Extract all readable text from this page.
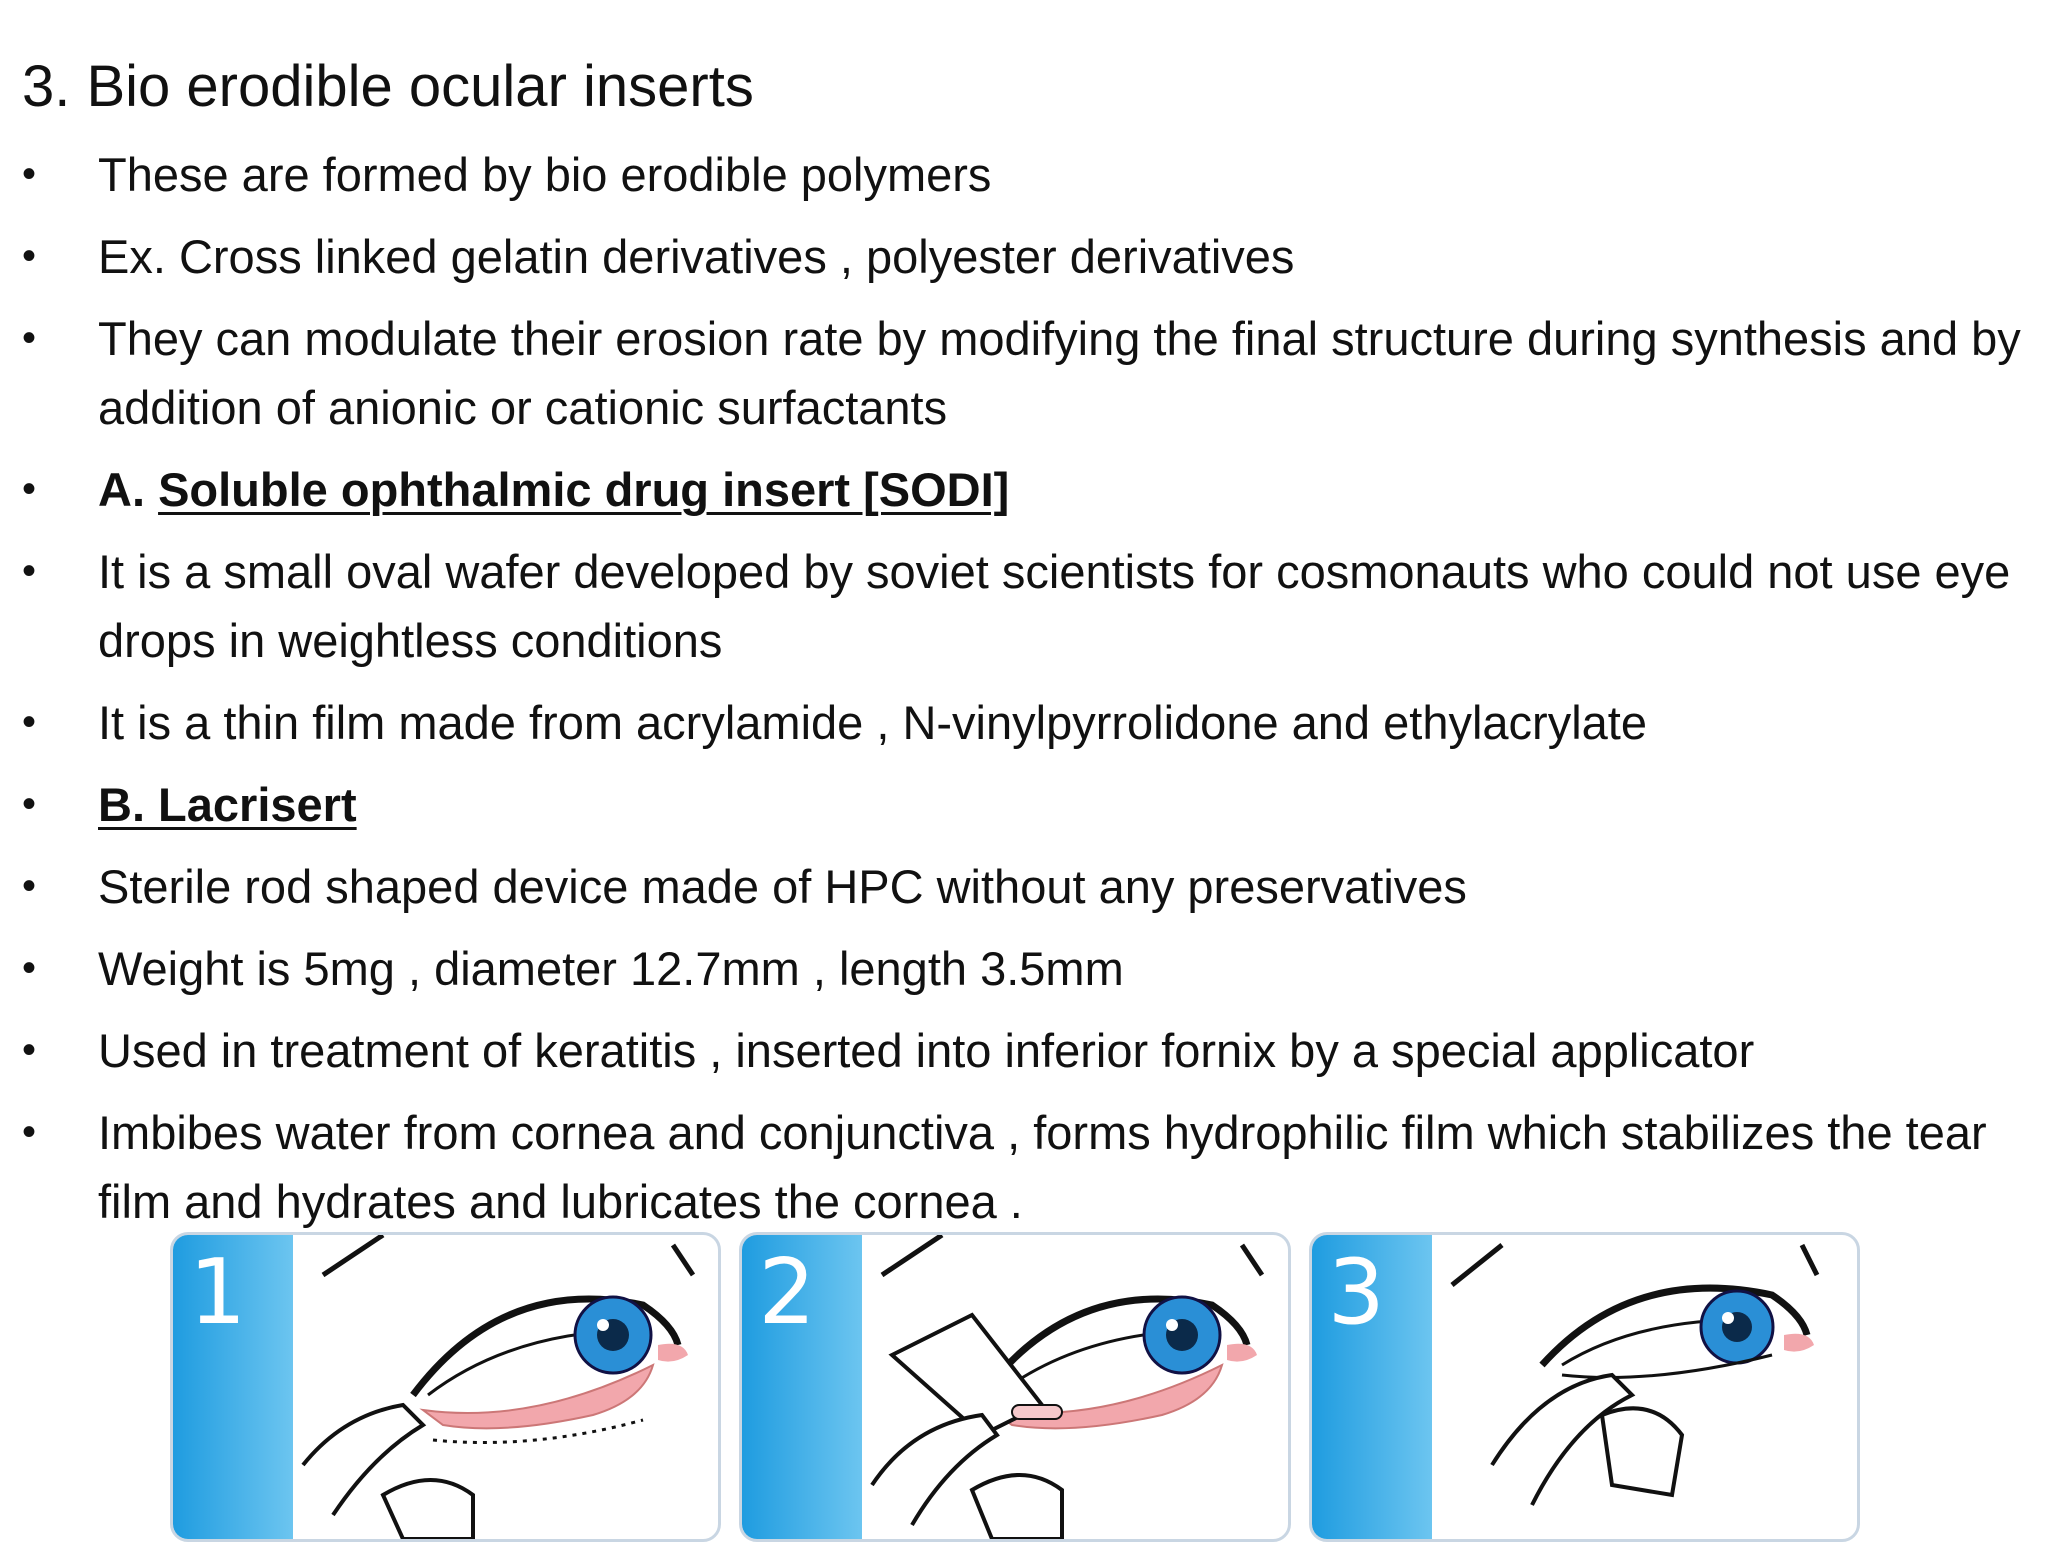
3. Bio erodible ocular inserts
• These are formed by bio erodible polymers
• Ex. Cross linked gelatin derivatives , polyester derivatives
• They can modulate their erosion rate by modifying the final structure during synthesis and by addition of anionic or cationic surfactants
• A. Soluble ophthalmic drug insert [SODI]
• It is a small oval wafer developed by soviet scientists for cosmonauts who could not use eye drops in weightless conditions
• It is a thin film made from acrylamide , N-vinylpyrrolidone and ethylacrylate
• B. Lacrisert
• Sterile rod shaped device made of HPC without any preservatives
• Weight is 5mg , diameter 12.7mm , length 3.5mm
• Used in treatment of keratitis , inserted into inferior fornix by a special applicator
• Imbibes water from cornea and conjunctiva , forms hydrophilic film which stabilizes the tear film and hydrates and lubricates the cornea .
1	2	3
